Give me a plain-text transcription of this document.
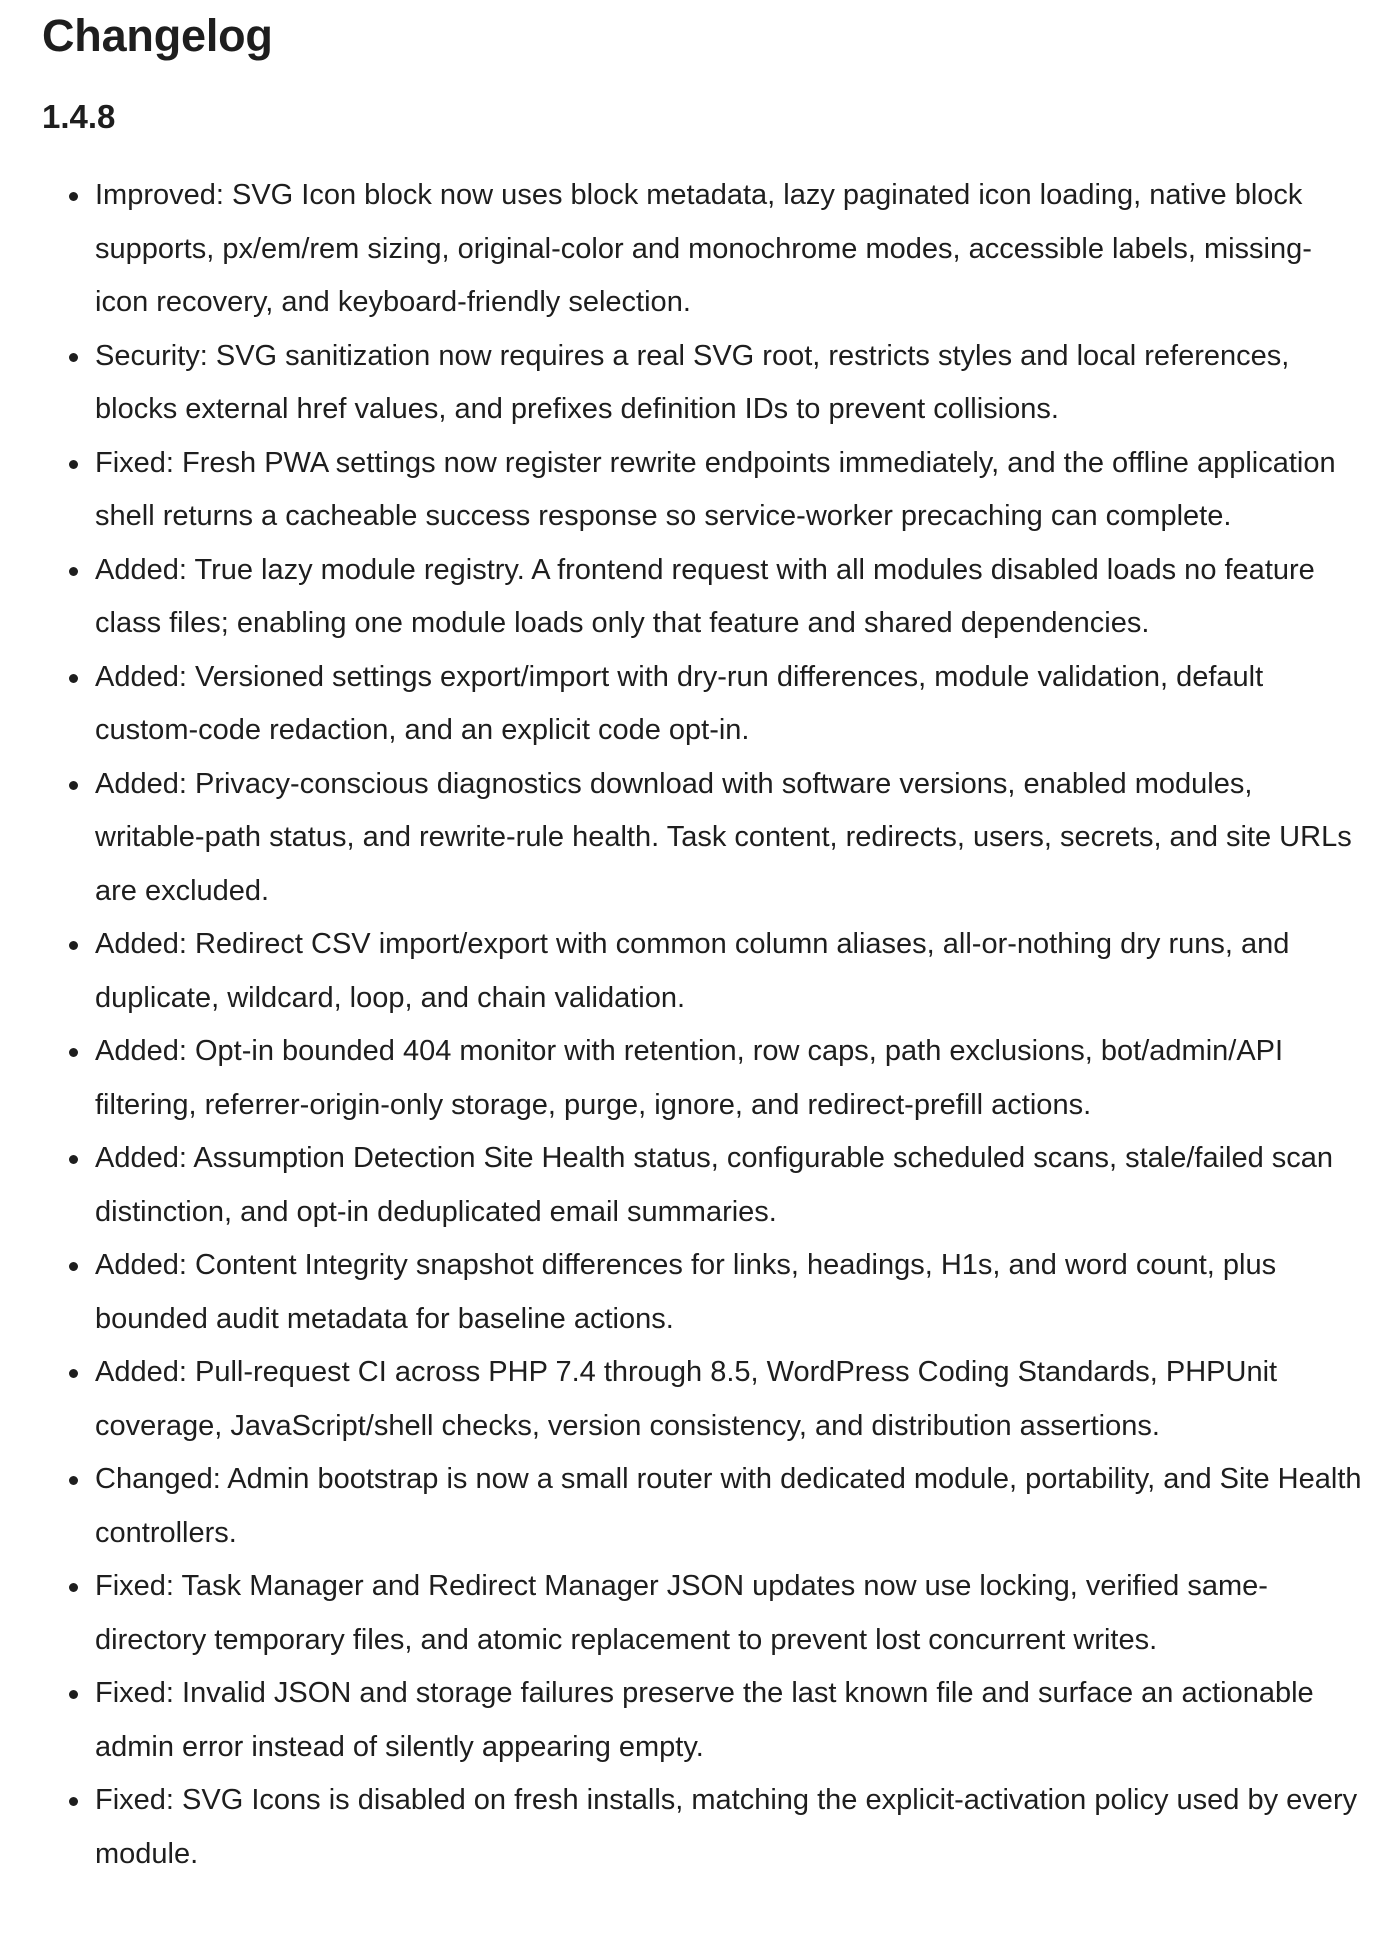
Changelog
1.4.8
Improved: SVG Icon block now uses block metadata, lazy paginated icon loading, native block supports, px/em/rem sizing, original-color and monochrome modes, accessible labels, missing-icon recovery, and keyboard-friendly selection.
Security: SVG sanitization now requires a real SVG root, restricts styles and local references, blocks external href values, and prefixes definition IDs to prevent collisions.
Fixed: Fresh PWA settings now register rewrite endpoints immediately, and the offline application shell returns a cacheable success response so service-worker precaching can complete.
Added: True lazy module registry. A frontend request with all modules disabled loads no feature class files; enabling one module loads only that feature and shared dependencies.
Added: Versioned settings export/import with dry-run differences, module validation, default custom-code redaction, and an explicit code opt-in.
Added: Privacy-conscious diagnostics download with software versions, enabled modules, writable-path status, and rewrite-rule health. Task content, redirects, users, secrets, and site URLs are excluded.
Added: Redirect CSV import/export with common column aliases, all-or-nothing dry runs, and duplicate, wildcard, loop, and chain validation.
Added: Opt-in bounded 404 monitor with retention, row caps, path exclusions, bot/admin/API filtering, referrer-origin-only storage, purge, ignore, and redirect-prefill actions.
Added: Assumption Detection Site Health status, configurable scheduled scans, stale/failed scan distinction, and opt-in deduplicated email summaries.
Added: Content Integrity snapshot differences for links, headings, H1s, and word count, plus bounded audit metadata for baseline actions.
Added: Pull-request CI across PHP 7.4 through 8.5, WordPress Coding Standards, PHPUnit coverage, JavaScript/shell checks, version consistency, and distribution assertions.
Changed: Admin bootstrap is now a small router with dedicated module, portability, and Site Health controllers.
Fixed: Task Manager and Redirect Manager JSON updates now use locking, verified same-directory temporary files, and atomic replacement to prevent lost concurrent writes.
Fixed: Invalid JSON and storage failures preserve the last known file and surface an actionable admin error instead of silently appearing empty.
Fixed: SVG Icons is disabled on fresh installs, matching the explicit-activation policy used by every module.
